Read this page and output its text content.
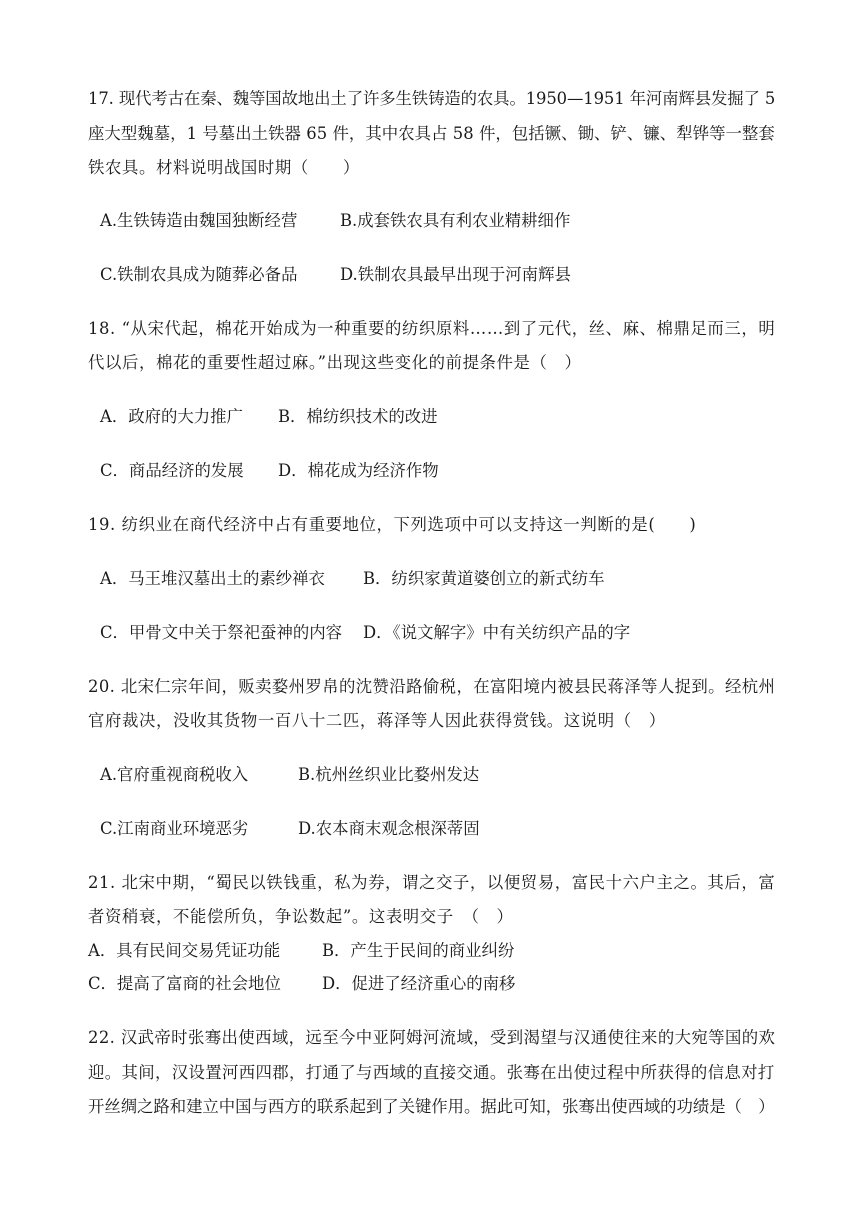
17. 现代考古在秦、魏等国故地出土了许多生铁铸造的农具。1950—1951 年河南辉县发掘了 5
座大型魏墓，1 号墓出土铁器 65 件，其中农具占 58 件，包括镢、锄、铲、镰、犁铧等一整套
铁农具。材料说明战国时期（　　）
A.生铁铸造由魏国独断经营	B.成套铁农具有利农业精耕细作
C.铁制农具成为随葬必备品	D.铁制农具最早出现于河南辉县
18. “从宋代起，棉花开始成为一种重要的纺织原料……到了元代，丝、麻、棉鼎足而三，明
代以后，棉花的重要性超过麻。”出现这些变化的前提条件是（　）
A．政府的大力推广 B．棉纺织技术的改进
C．商品经济的发展 D．棉花成为经济作物
19. 纺织业在商代经济中占有重要地位，下列选项中可以支持这一判断的是(　　)
A．马王堆汉墓出土的素纱禅衣 B．纺织家黄道婆创立的新式纺车
C．甲骨文中关于祭祀蚕神的内容 D．《说文解字》中有关纺织产品的字
20. 北宋仁宗年间，贩卖婺州罗帛的沈赞沿路偷税，在富阳境内被县民蒋泽等人捉到。经杭州
官府裁决，没收其货物一百八十二匹，蒋泽等人因此获得赏钱。这说明（　）
A.官府重视商税收入	B.杭州丝织业比婺州发达
C.江南商业环境恶劣	D.农本商末观念根深蒂固
21. 北宋中期，“蜀民以铁钱重，私为券，谓之交子，以便贸易，富民十六户主之。其后，富
者资稍衰，不能偿所负，争讼数起”。这表明交子　（　）
A．具有民间交易凭证功能	B．产生于民间的商业纠纷
C．提高了富商的社会地位	D．促进了经济重心的南移
22. 汉武帝时张骞出使西域，远至今中亚阿姆河流域，受到渴望与汉通使往来的大宛等国的欢
迎。其间，汉设置河西四郡，打通了与西域的直接交通。张骞在出使过程中所获得的信息对打
开丝绸之路和建立中国与西方的联系起到了关键作用。据此可知，张骞出使西域的功绩是（　）
